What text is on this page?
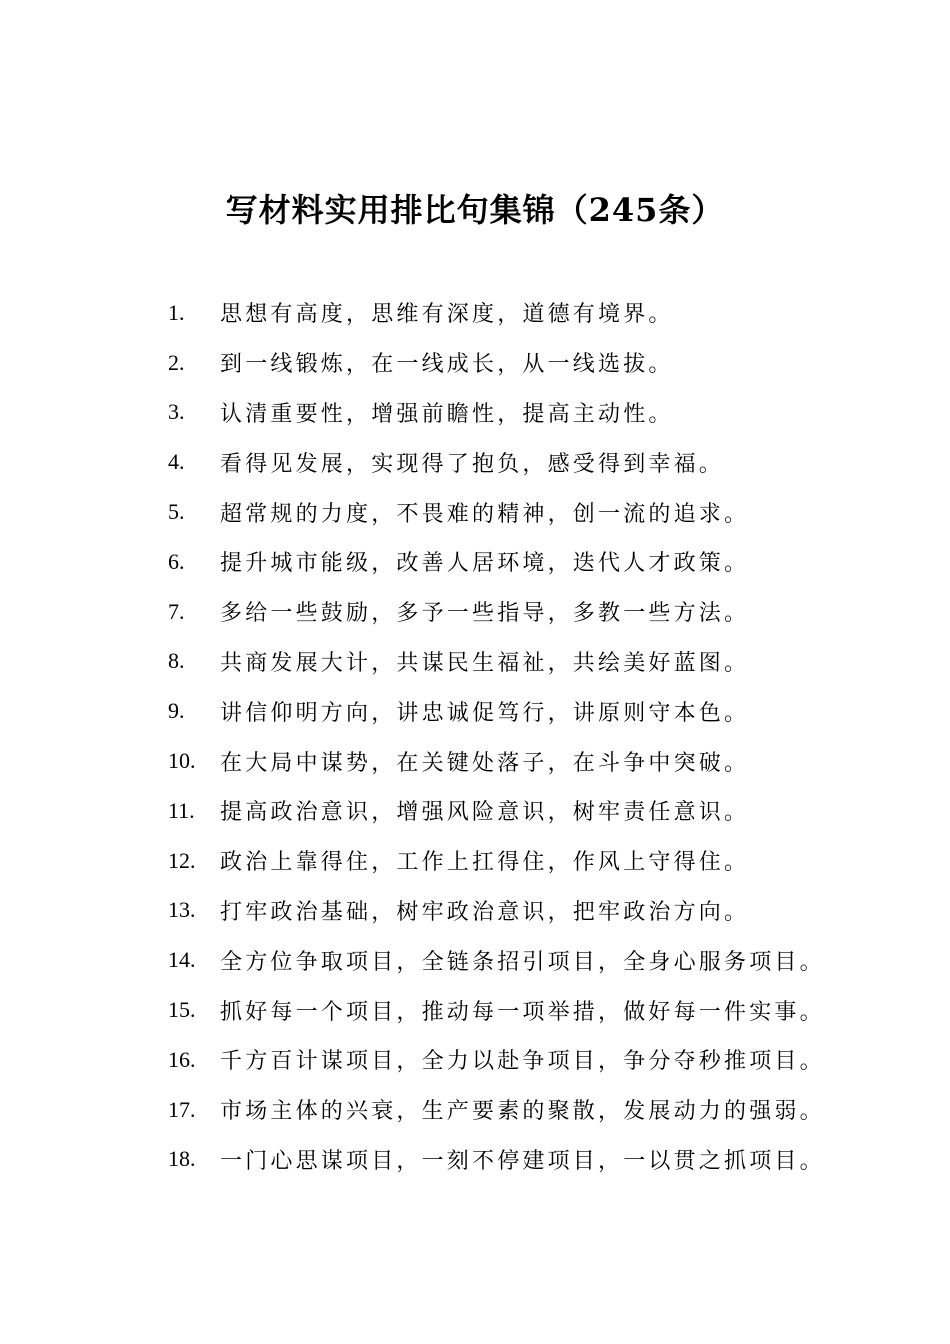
写材料实用排比句集锦（245条）
1.	思想有高度，思维有深度，道德有境界。
2.	到一线锻炼，在一线成长，从一线选拔。
3.	认清重要性，增强前瞻性，提高主动性。
4.	看得见发展，实现得了抱负，感受得到幸福。
5.	超常规的力度，不畏难的精神，创一流的追求。
6.	提升城市能级，改善人居环境，迭代人才政策。
7.	多给一些鼓励，多予一些指导，多教一些方法。
8.	共商发展大计，共谋民生福祉，共绘美好蓝图。
9.	讲信仰明方向，讲忠诚促笃行，讲原则守本色。
10.	在大局中谋势，在关键处落子，在斗争中突破。
11.	提高政治意识，增强风险意识，树牢责任意识。
12.	政治上靠得住，工作上扛得住，作风上守得住。
13.	打牢政治基础，树牢政治意识，把牢政治方向。
14.	全方位争取项目，全链条招引项目，全身心服务项目。
15.	抓好每一个项目，推动每一项举措，做好每一件实事。
16.	千方百计谋项目，全力以赴争项目，争分夺秒推项目。
17.	市场主体的兴衰，生产要素的聚散，发展动力的强弱。
18.	一门心思谋项目，一刻不停建项目，一以贯之抓项目。
